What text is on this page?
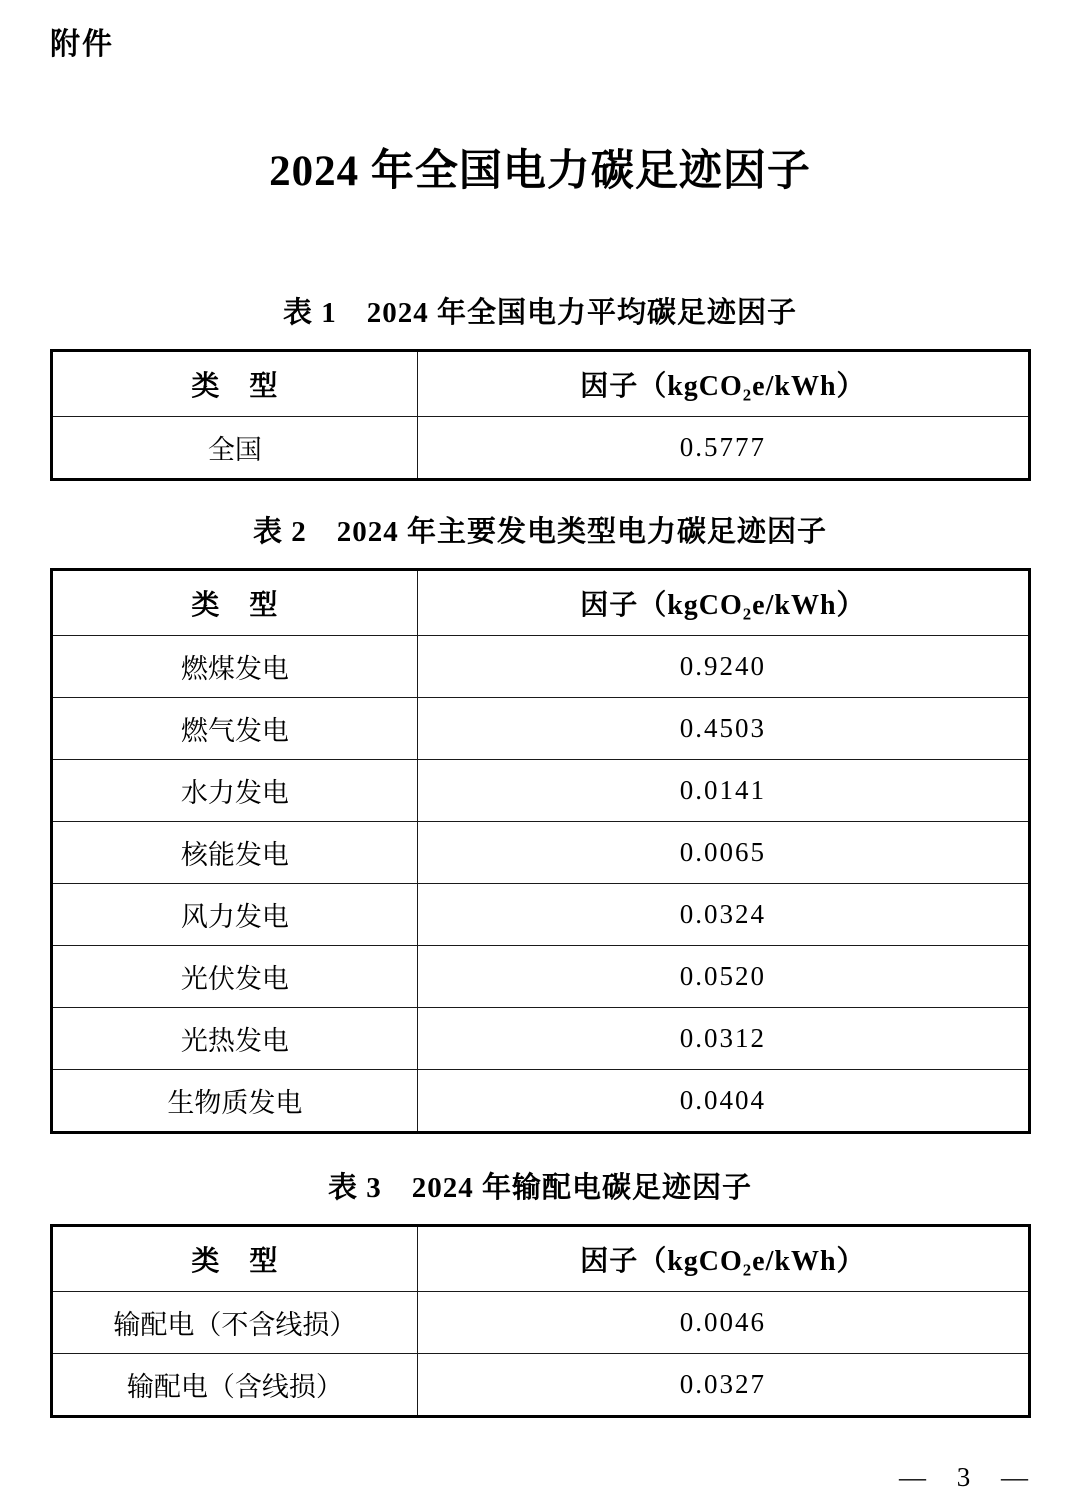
附件
2024 年全国电力碳足迹因子
表 1　2024 年全国电力平均碳足迹因子
类　型	因子（kgCO₂e/kWh）
全国	0.5777
表 2　2024 年主要发电类型电力碳足迹因子
类　型	因子（kgCO₂e/kWh）
燃煤发电	0.9240
燃气发电	0.4503
水力发电	0.0141
核能发电	0.0065
风力发电	0.0324
光伏发电	0.0520
光热发电	0.0312
生物质发电	0.0404
表 3　2024 年输配电碳足迹因子
类　型	因子（kgCO₂e/kWh）
输配电（不含线损）	0.0046
输配电（含线损）	0.0327
— 3 —
